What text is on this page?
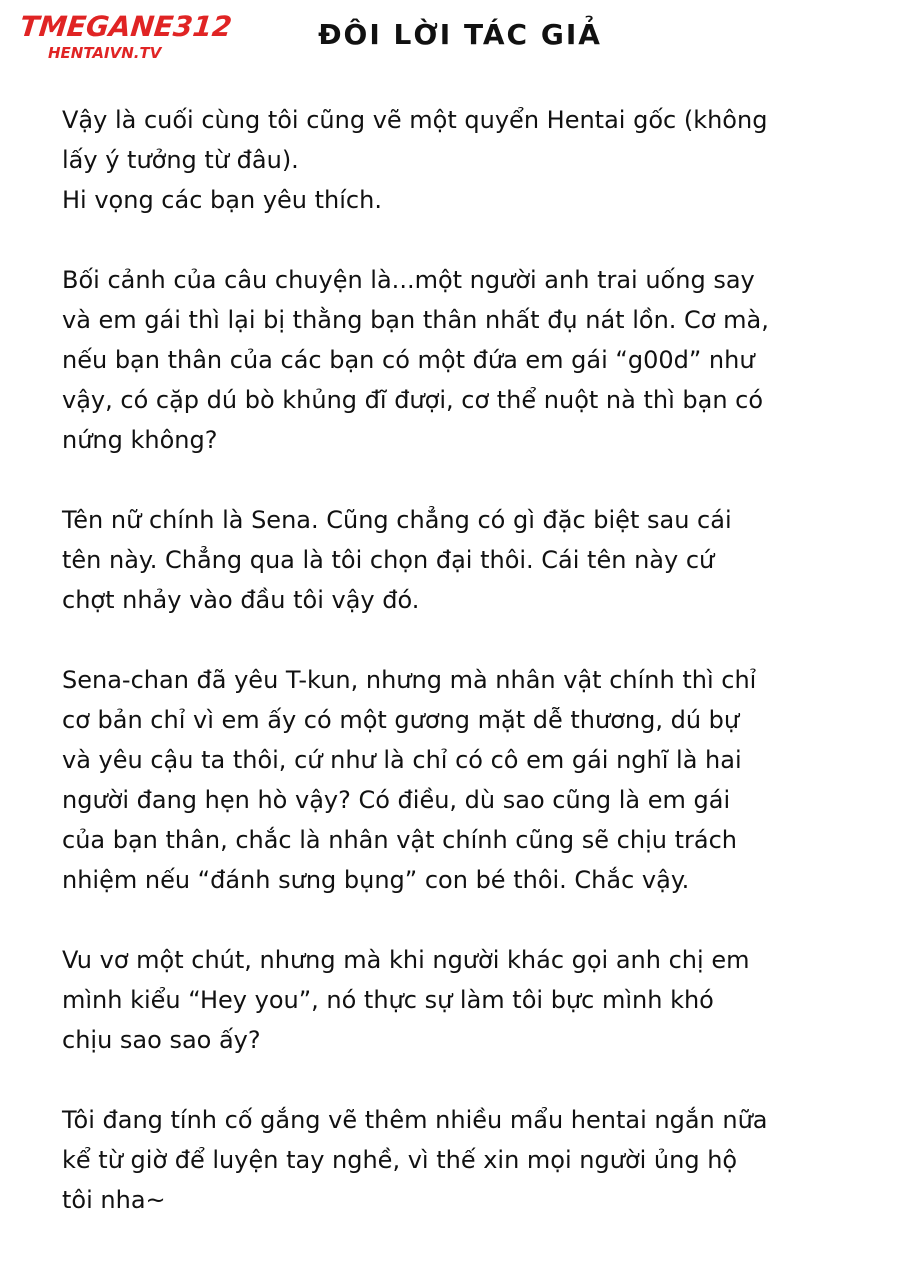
TMEGANE312
HENTAIVN.TV
ĐÔI LỜI TÁC GIẢ

Vậy là cuối cùng tôi cũng vẽ một quyển Hentai gốc (không
lấy ý tưởng từ đâu).
Hi vọng các bạn yêu thích.

Bối cảnh của câu chuyện là...một người anh trai uống say
và em gái thì lại bị thằng bạn thân nhất đụ nát lồn. Cơ mà,
nếu bạn thân của các bạn có một đứa em gái “g00d” như
vậy, có cặp dú bò khủng đĩ đượi, cơ thể nuột nà thì bạn có
nứng không?

Tên nữ chính là Sena. Cũng chẳng có gì đặc biệt sau cái
tên này. Chẳng qua là tôi chọn đại thôi. Cái tên này cứ
chợt nhảy vào đầu tôi vậy đó.

Sena-chan đã yêu T-kun, nhưng mà nhân vật chính thì chỉ
cơ bản chỉ vì em ấy có một gương mặt dễ thương, dú bự
và yêu cậu ta thôi, cứ như là chỉ có cô em gái nghĩ là hai
người đang hẹn hò vậy? Có điều, dù sao cũng là em gái
của bạn thân, chắc là nhân vật chính cũng sẽ chịu trách
nhiệm nếu “đánh sưng bụng” con bé thôi. Chắc vậy.

Vu vơ một chút, nhưng mà khi người khác gọi anh chị em
mình kiểu “Hey you”, nó thực sự làm tôi bực mình khó
chịu sao sao ấy?

Tôi đang tính cố gắng vẽ thêm nhiều mẩu hentai ngắn nữa
kể từ giờ để luyện tay nghề, vì thế xin mọi người ủng hộ
tôi nha~
